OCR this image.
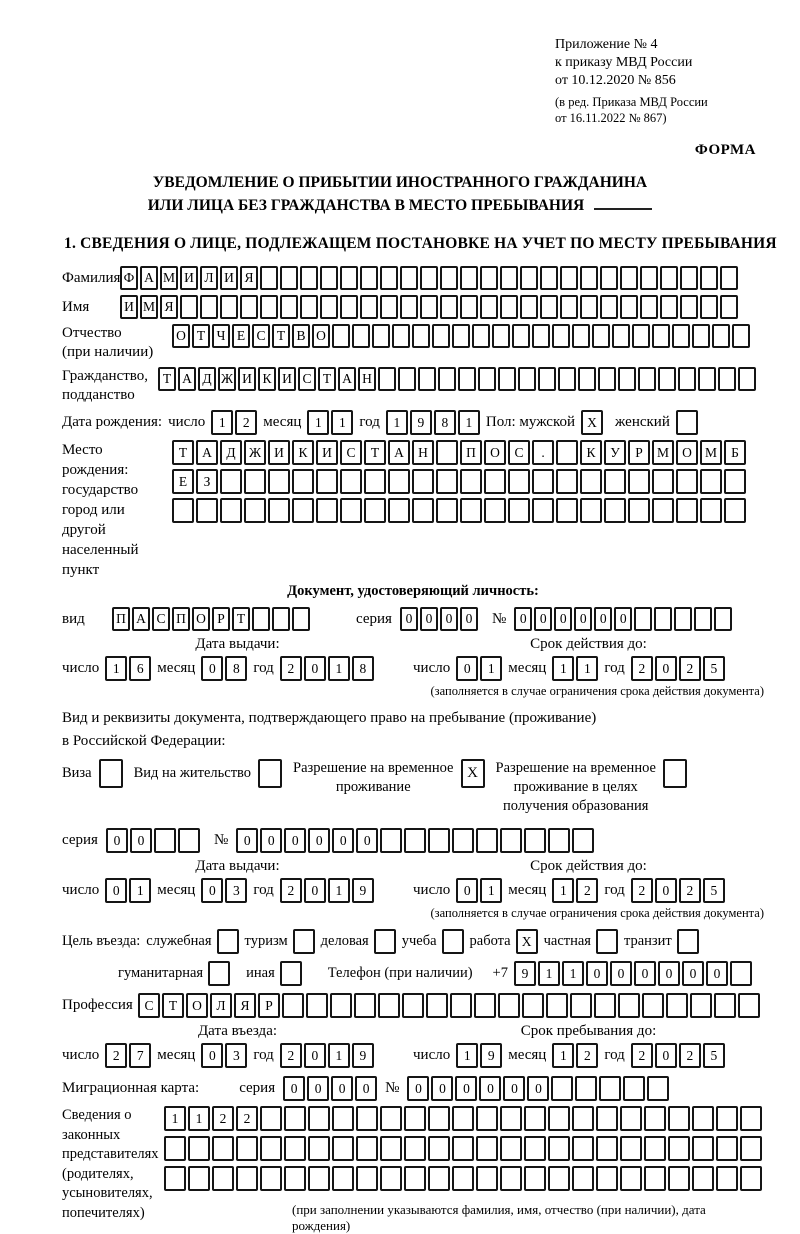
Приложение № 4
к приказу МВД России
от 10.12.2020 № 856
(в ред. Приказа МВД России
от 16.11.2022 № 867)
ФОРМА
УВЕДОМЛЕНИЕ О ПРИБЫТИИ ИНОСТРАННОГО ГРАЖДАНИНА
ИЛИ ЛИЦА БЕЗ ГРАЖДАНСТВА В МЕСТО ПРЕБЫВАНИЯ
1. СВЕДЕНИЯ О ЛИЦЕ, ПОДЛЕЖАЩЕМ ПОСТАНОВКЕ НА УЧЕТ ПО МЕСТУ ПРЕБЫВАНИЯ
Фамилия Ф А М И Л И Я
Имя	И М Я
Отчество
(при наличии)
О Т Ч Е С Т В О
Гражданство,
подданство
Т А Д Ж И К И С Т А Н
Дата рождения: число	1	2 месяц	1	1 год	1	9	8	1 Пол: мужской X	женский
Место рождения:
государство
город или другой
населенный пункт
Т	А	Д Ж И	К	И	С	Т	А	Н	П	О	С	.	К	У	Р	М О М	Б
Е	З
Документ, удостоверяющий личность:
вид	П А С П О Р Т	серия	0 0 0 0	№	0 0 0 0 0 0
Дата выдачи:
число	1	6 месяц	0	8 год	2	0	1	8
Срок действия до:
число	0	1 месяц	1	1 год	2	0	2	5
(заполняется в случае ограничения срока действия документа)
Вид и реквизиты документа, подтверждающего право на пребывание (проживание)
в Российской Федерации:
Виза	Вид на жительство	Разрешение на временное
проживание
X	Разрешение на временное
проживание в целях
получения образования
серия	0	0	№	0	0	0	0	0	0
Дата выдачи:
число	0	1 месяц	0	3 год	2	0	1	9
Срок действия до:
число	0	1 месяц	1	2 год	2	0	2	5
(заполняется в случае ограничения срока действия документа)
Цель въезда: служебная туризм деловая учеба работа X частная транзит
гуманитарная	иная	Телефон (при наличии) +7	9	1	1	0	0	0	0	0	0
Профессия С	Т	О	Л	Я	Р
Дата въезда:
число	2	7 месяц	0	3 год	2	0	1	9
Срок пребывания до:
число	1	9 месяц	1	2 год	2	0	2	5
Миграционная карта:	серия	0	0	0	0	№	0	0	0	0	0	0
Сведения о
законных
представителях
(родителях,
усыновителях,
попечителях)
1	1	2	2
(при заполнении указываются фамилия, имя, отчество (при наличии), дата рождения)
